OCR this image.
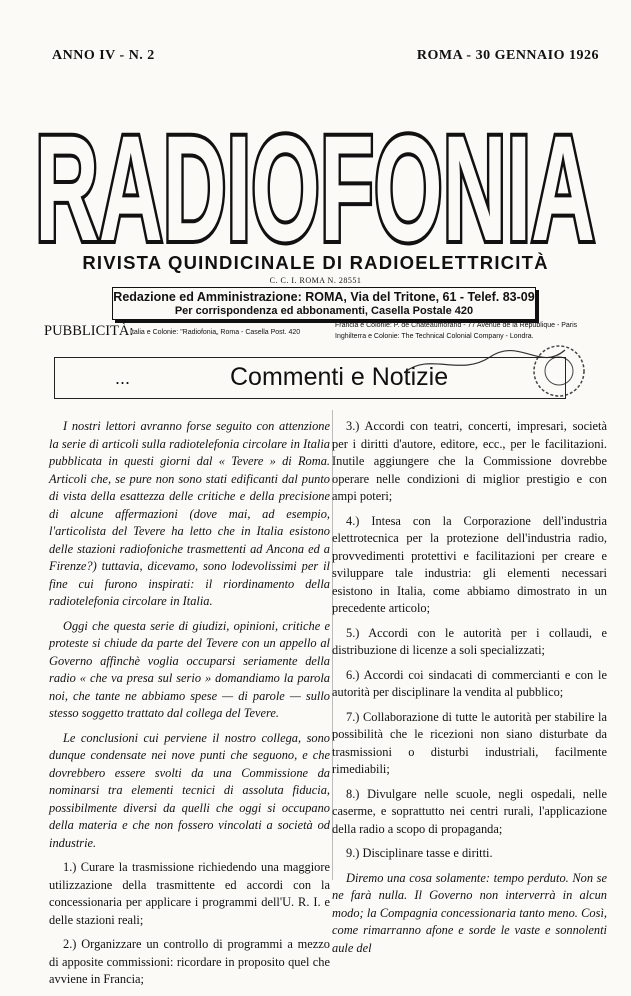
ANNO IV - N. 2	ROMA - 30 GENNAIO 1926
RADIOFONIA
RIVISTA QUINDICINALE DI RADIOELETTRICITÀ
C. C. I. ROMA N. 28551
Redazione ed Amministrazione: ROMA, Via del Tritone, 61 - Telef. 83-09
Per corrispondenza ed abbonamenti, Casella Postale 420
PUBBLICITÀ:
Italia e Colonie: "Radiofonia„ Roma - Casella Post. 420
Francia e Colonie: P. de Chateaumorand - 77 Avenue de la République - Paris
Inghilterra e Colonie: The Technical Colonial Company - Londra.
...	Commenti e Notizie

I nostri lettori avranno forse seguito con attenzione la serie di articoli sulla radiotelefonia circolare in Italia pubblicata in questi giorni dal « Tevere » di Roma. Articoli che, se pure non sono stati edificanti dal punto di vista della esattezza delle critiche e della precisione di alcune affermazioni (dove mai, ad esempio, l'articolista del Tevere ha letto che in Italia esistono delle stazioni radiofoniche trasmettenti ad Ancona ed a Firenze?) tuttavia, dicevamo, sono lodevolissimi per il fine cui furono inspirati: il riordinamento della radiotelefonia circolare in Italia.

Oggi che questa serie di giudizi, opinioni, critiche e proteste si chiude da parte del Tevere con un appello al Governo affinchè voglia occuparsi seriamente della radio « che va presa sul serio » domandiamo la parola noi, che tante ne abbiamo spese — di parole — sullo stesso soggetto trattato dal collega del Tevere.

Le conclusioni cui perviene il nostro collega, sono dunque condensate nei nove punti che seguono, e che dovrebbero essere svolti da una Commissione da nominarsi tra elementi tecnici di assoluta fiducia, possibilmente diversi da quelli che oggi si occupano della materia e che non fossero vincolati a società od industrie.

1.) Curare la trasmissione richiedendo una maggiore utilizzazione della trasmittente ed accordi con la concessionaria per applicare i programmi dell'U. R. I. e delle stazioni reali;

2.) Organizzare un controllo di programmi a mezzo di apposite commissioni: ricordare in proposito quel che avviene in Francia;

3.) Accordi con teatri, concerti, impresari, società per i diritti d'autore, editore, ecc., per le facilitazioni. Inutile aggiungere che la Commissione dovrebbe operare nelle condizioni di miglior prestigio e con ampi poteri;

4.) Intesa con la Corporazione dell'industria elettrotecnica per la protezione dell'industria radio, provvedimenti protettivi e facilitazioni per creare e sviluppare tale industria: gli elementi necessari esistono in Italia, come abbiamo dimostrato in un precedente articolo;

5.) Accordi con le autorità per i collaudi, e distribuzione di licenze a soli specializzati;

6.) Accordi coi sindacati di commercianti e con le autorità per disciplinare la vendita al pubblico;

7.) Collaborazione di tutte le autorità per stabilire la possibilità che le ricezioni non siano disturbate da trasmissioni o disturbi industriali, facilmente rimediabili;

8.) Divulgare nelle scuole, negli ospedali, nelle caserme, e soprattutto nei centri rurali, l'applicazione della radio a scopo di propaganda;

9.) Disciplinare tasse e diritti.

Diremo una cosa solamente: tempo perduto. Non se ne farà nulla. Il Governo non interverrà in alcun modo; la Compagnia concessionaria tanto meno. Così, come rimarranno afone e sorde le vaste e sonnolenti aule del
